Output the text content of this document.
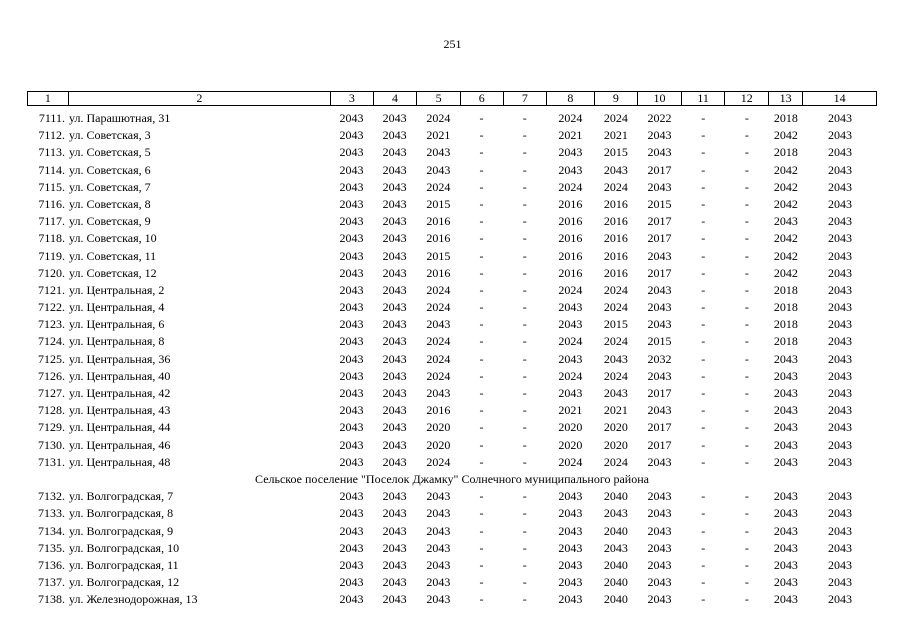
251
1	2	3	4	5	6	7	8	9	10	11	12	13	14
7111. ул. Парашютная, 31	2043	2043	2024	-	-	2024	2024	2022	-	-	2018	2043
7112. ул. Советская, 3	2043	2043	2021	-	-	2021	2021	2043	-	-	2042	2043
7113. ул. Советская, 5	2043	2043	2043	-	-	2043	2015	2043	-	-	2018	2043
7114. ул. Советская, 6	2043	2043	2043	-	-	2043	2043	2017	-	-	2042	2043
7115. ул. Советская, 7	2043	2043	2024	-	-	2024	2024	2043	-	-	2042	2043
7116. ул. Советская, 8	2043	2043	2015	-	-	2016	2016	2015	-	-	2042	2043
7117. ул. Советская, 9	2043	2043	2016	-	-	2016	2016	2017	-	-	2043	2043
7118. ул. Советская, 10	2043	2043	2016	-	-	2016	2016	2017	-	-	2042	2043
7119. ул. Советская, 11	2043	2043	2015	-	-	2016	2016	2043	-	-	2042	2043
7120. ул. Советская, 12	2043	2043	2016	-	-	2016	2016	2017	-	-	2042	2043
7121. ул. Центральная, 2	2043	2043	2024	-	-	2024	2024	2043	-	-	2018	2043
7122. ул. Центральная, 4	2043	2043	2024	-	-	2043	2024	2043	-	-	2018	2043
7123. ул. Центральная, 6	2043	2043	2043	-	-	2043	2015	2043	-	-	2018	2043
7124. ул. Центральная, 8	2043	2043	2024	-	-	2024	2024	2015	-	-	2018	2043
7125. ул. Центральная, 36	2043	2043	2024	-	-	2043	2043	2032	-	-	2043	2043
7126. ул. Центральная, 40	2043	2043	2024	-	-	2024	2024	2043	-	-	2043	2043
7127. ул. Центральная, 42	2043	2043	2043	-	-	2043	2043	2017	-	-	2043	2043
7128. ул. Центральная, 43	2043	2043	2016	-	-	2021	2021	2043	-	-	2043	2043
7129. ул. Центральная, 44	2043	2043	2020	-	-	2020	2020	2017	-	-	2043	2043
7130. ул. Центральная, 46	2043	2043	2020	-	-	2020	2020	2017	-	-	2043	2043
7131. ул. Центральная, 48	2043	2043	2024	-	-	2024	2024	2043	-	-	2043	2043
Сельское поселение "Поселок Джамку" Солнечного муниципального района
7132. ул. Волгоградская, 7	2043	2043	2043	-	-	2043	2040	2043	-	-	2043	2043
7133. ул. Волгоградская, 8	2043	2043	2043	-	-	2043	2043	2043	-	-	2043	2043
7134. ул. Волгоградская, 9	2043	2043	2043	-	-	2043	2040	2043	-	-	2043	2043
7135. ул. Волгоградская, 10	2043	2043	2043	-	-	2043	2043	2043	-	-	2043	2043
7136. ул. Волгоградская, 11	2043	2043	2043	-	-	2043	2040	2043	-	-	2043	2043
7137. ул. Волгоградская, 12	2043	2043	2043	-	-	2043	2040	2043	-	-	2043	2043
7138. ул. Железнодорожная, 13	2043	2043	2043	-	-	2043	2040	2043	-	-	2043	2043
